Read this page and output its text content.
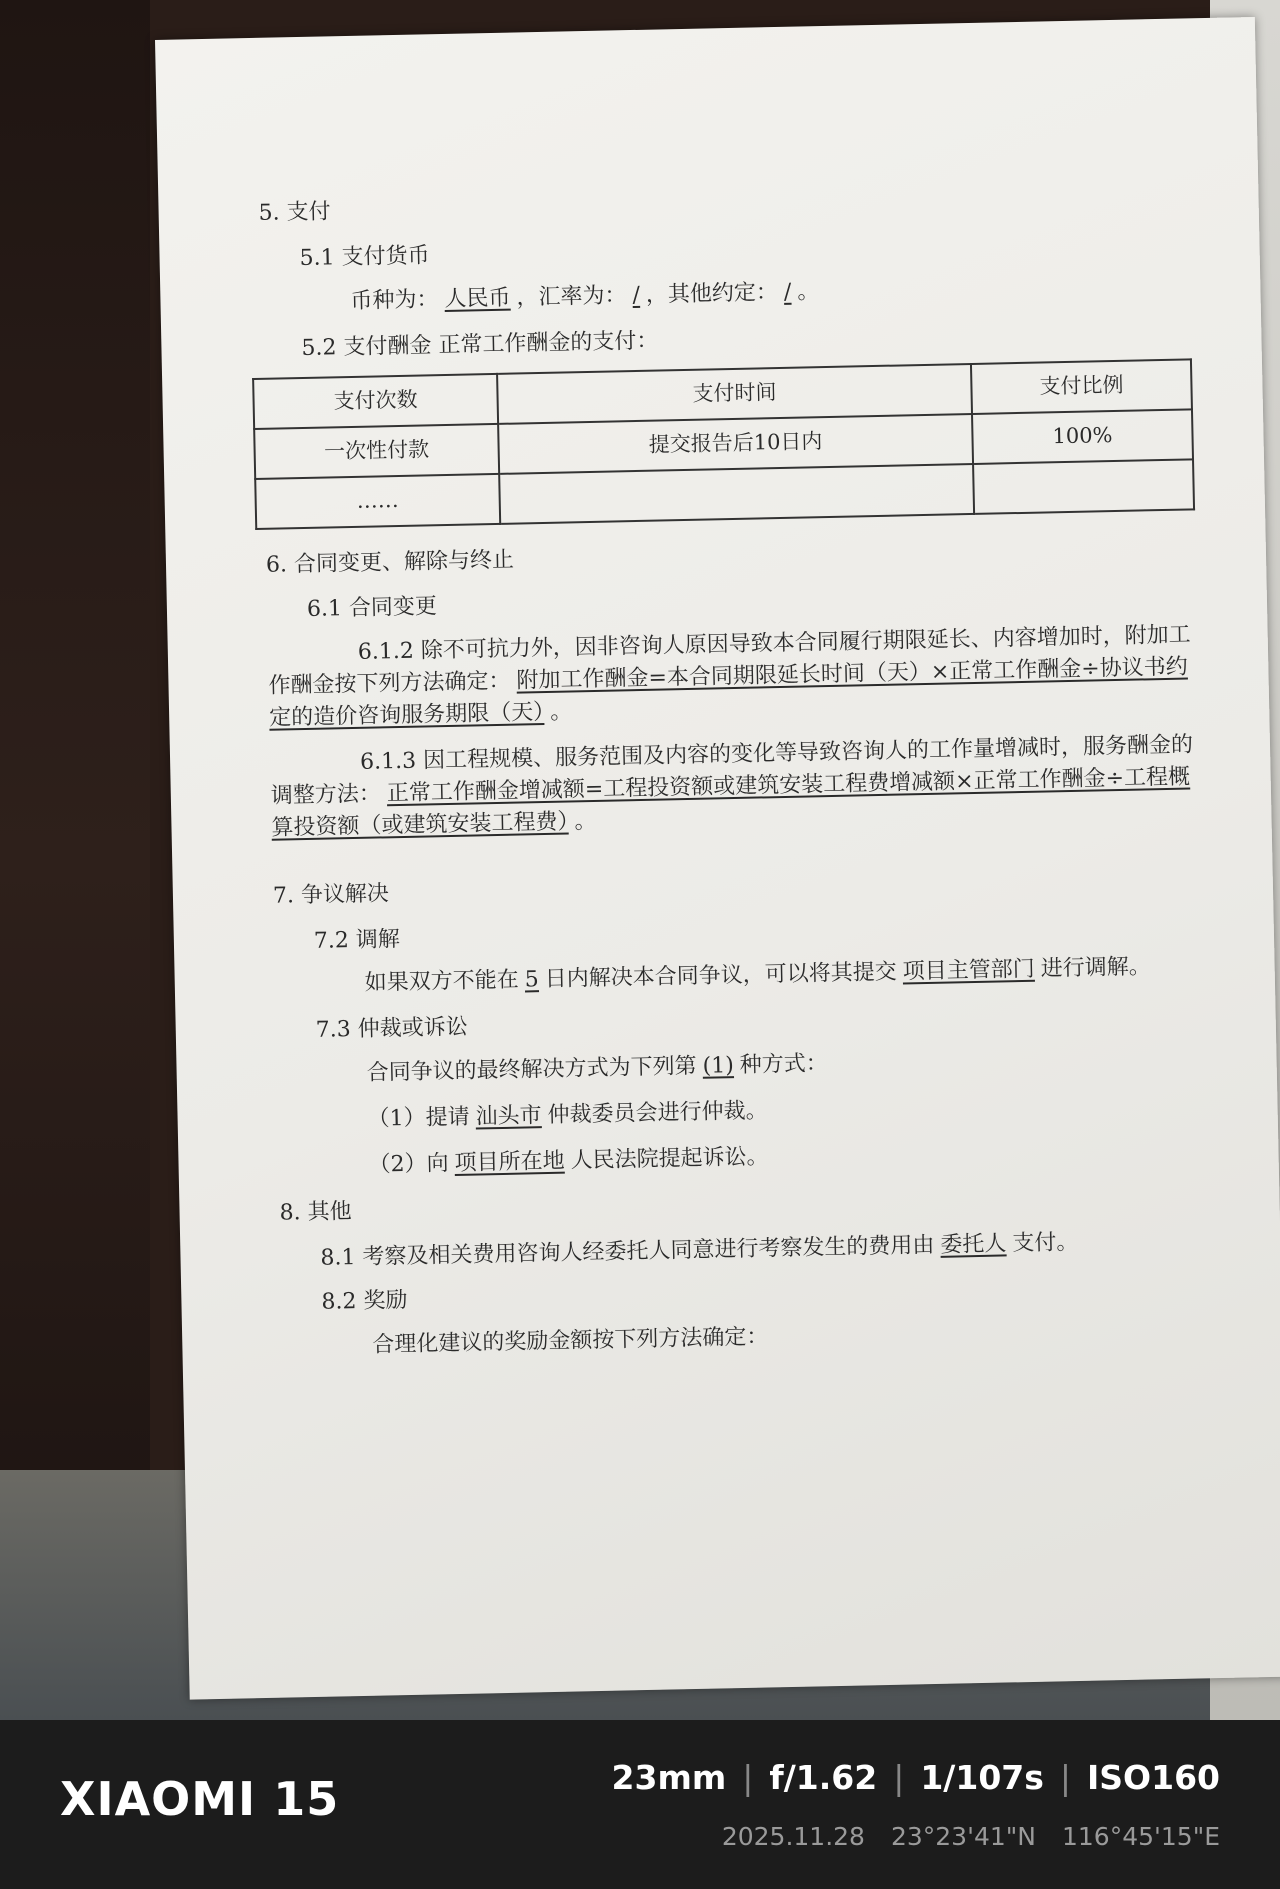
5. 支付
5.1 支付货币
币种为： 人民币 ，汇率为： / ，其他约定： / 。
5.2 支付酬金 正常工作酬金的支付：
支付次数	支付时间	支付比例
一次性付款	提交报告后10日内	100%
……		
6. 合同变更、解除与终止
6.1 合同变更
6.1.2 除不可抗力外，因非咨询人原因导致本合同履行期限延长、内容增加时，附加工作酬金按下列方法确定： 附加工作酬金=本合同期限延长时间（天）×正常工作酬金÷协议书约定的造价咨询服务期限（天） 。
6.1.3 因工程规模、服务范围及内容的变化等导致咨询人的工作量增减时，服务酬金的调整方法： 正常工作酬金增减额=工程投资额或建筑安装工程费增减额×正常工作酬金÷工程概算投资额（或建筑安装工程费） 。
7. 争议解决
7.2 调解
如果双方不能在 5 日内解决本合同争议，可以将其提交 项目主管部门 进行调解。
7.3 仲裁或诉讼
合同争议的最终解决方式为下列第 (1) 种方式：
（1）提请 汕头市 仲裁委员会进行仲裁。
（2）向 项目所在地 人民法院提起诉讼。
8. 其他
8.1 考察及相关费用咨询人经委托人同意进行考察发生的费用由 委托人 支付。
8.2 奖励
合理化建议的奖励金额按下列方法确定：
XIAOMI 15	23mm | f/1.62 | 1/107s | ISO160
2025.11.28 23°23'41"N 116°45'15"E
